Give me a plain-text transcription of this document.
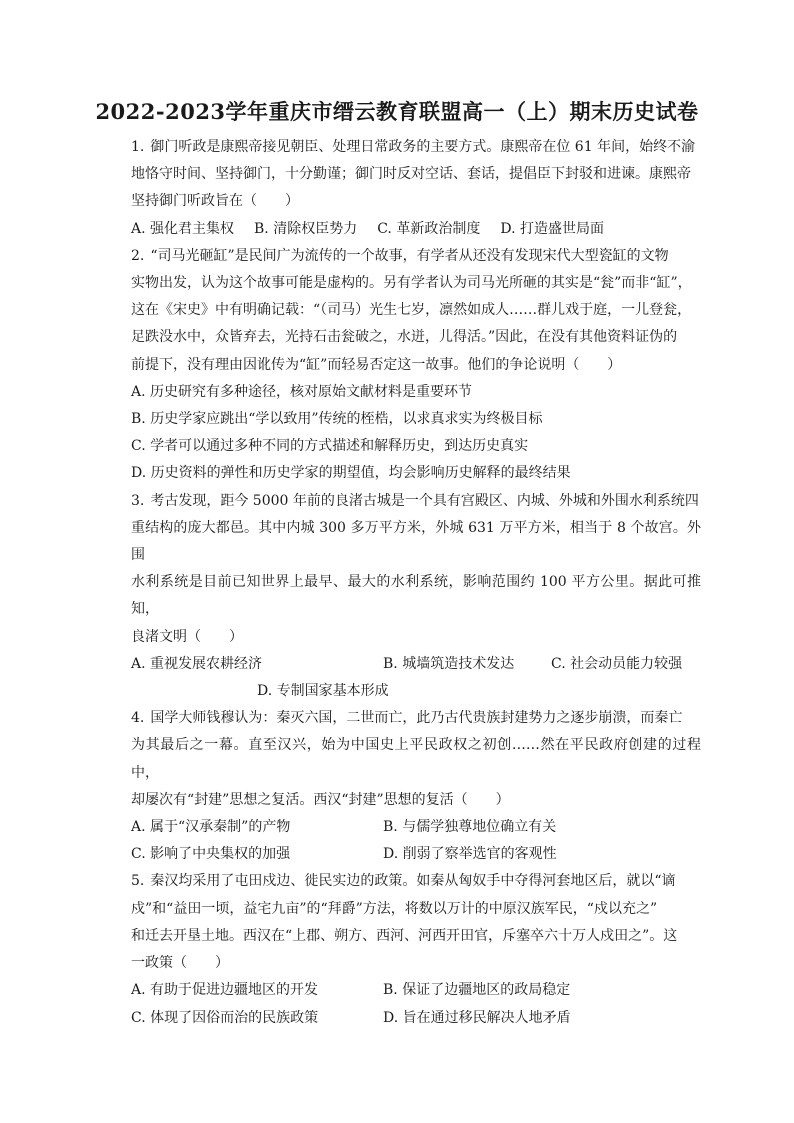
2022-2023学年重庆市缙云教育联盟高一（上）期末历史试卷
1. 御门听政是康熙帝接见朝臣、处理日常政务的主要方式。康熙帝在位 61 年间，始终不渝
地恪守时间、坚持御门，十分勤谨；御门时反对空话、套话，提倡臣下封驳和进谏。康熙帝
坚持御门听政旨在（　　）
A. 强化君主集权 B. 清除权臣势力 C. 革新政治制度 D. 打造盛世局面
2. “司马光砸缸”是民间广为流传的一个故事，有学者从还没有发现宋代大型瓷缸的文物
实物出发，认为这个故事可能是虚构的。另有学者认为司马光所砸的其实是“瓮”而非“缸”，
这在《宋史》中有明确记载：“（司马）光生七岁，凛然如成人……群儿戏于庭，一儿登瓮，
足跌没水中，众皆弃去，光持石击瓮破之，水迸，儿得活。”因此，在没有其他资料证伪的
前提下，没有理由因讹传为“缸”而轻易否定这一故事。他们的争论说明（　　）
A. 历史研究有多种途径，核对原始文献材料是重要环节
B. 历史学家应跳出“学以致用”传统的桎梏，以求真求实为终极目标
C. 学者可以通过多种不同的方式描述和解释历史，到达历史真实
D. 历史资料的弹性和历史学家的期望值，均会影响历史解释的最终结果
3. 考古发现，距今 5000 年前的良渚古城是一个具有宫殿区、内城、外城和外围水利系统四
重结构的庞大都邑。其中内城 300 多万平方米，外城 631 万平方米，相当于 8 个故宫。外围
水利系统是目前已知世界上最早、最大的水利系统，影响范围约 100 平方公里。据此可推知，
良渚文明（　　）
A. 重视发展农耕经济	B. 城墙筑造技术发达	C. 社会动员能力较强
D. 专制国家基本形成
4. 国学大师钱穆认为：秦灭六国，二世而亡，此乃古代贵族封建势力之逐步崩溃，而秦亡
为其最后之一幕。直至汉兴，始为中国史上平民政权之初创……然在平民政府创建的过程中，
却屡次有“封建”思想之复活。西汉“封建”思想的复活（　　）
A. 属于“汉承秦制”的产物	B. 与儒学独尊地位确立有关
C. 影响了中央集权的加强	D. 削弱了察举选官的客观性
5. 秦汉均采用了屯田戍边、徙民实边的政策。如秦从匈奴手中夺得河套地区后，就以“谪
戍”和“益田一顷，益宅九亩”的“拜爵”方法，将数以万计的中原汉族军民，“戍以充之”
和迁去开垦土地。西汉在“上郡、朔方、西河、河西开田官，斥塞卒六十万人戍田之”。这
一政策（　　）
A. 有助于促进边疆地区的开发	B. 保证了边疆地区的政局稳定
C. 体现了因俗而治的民族政策	D. 旨在通过移民解决人地矛盾
